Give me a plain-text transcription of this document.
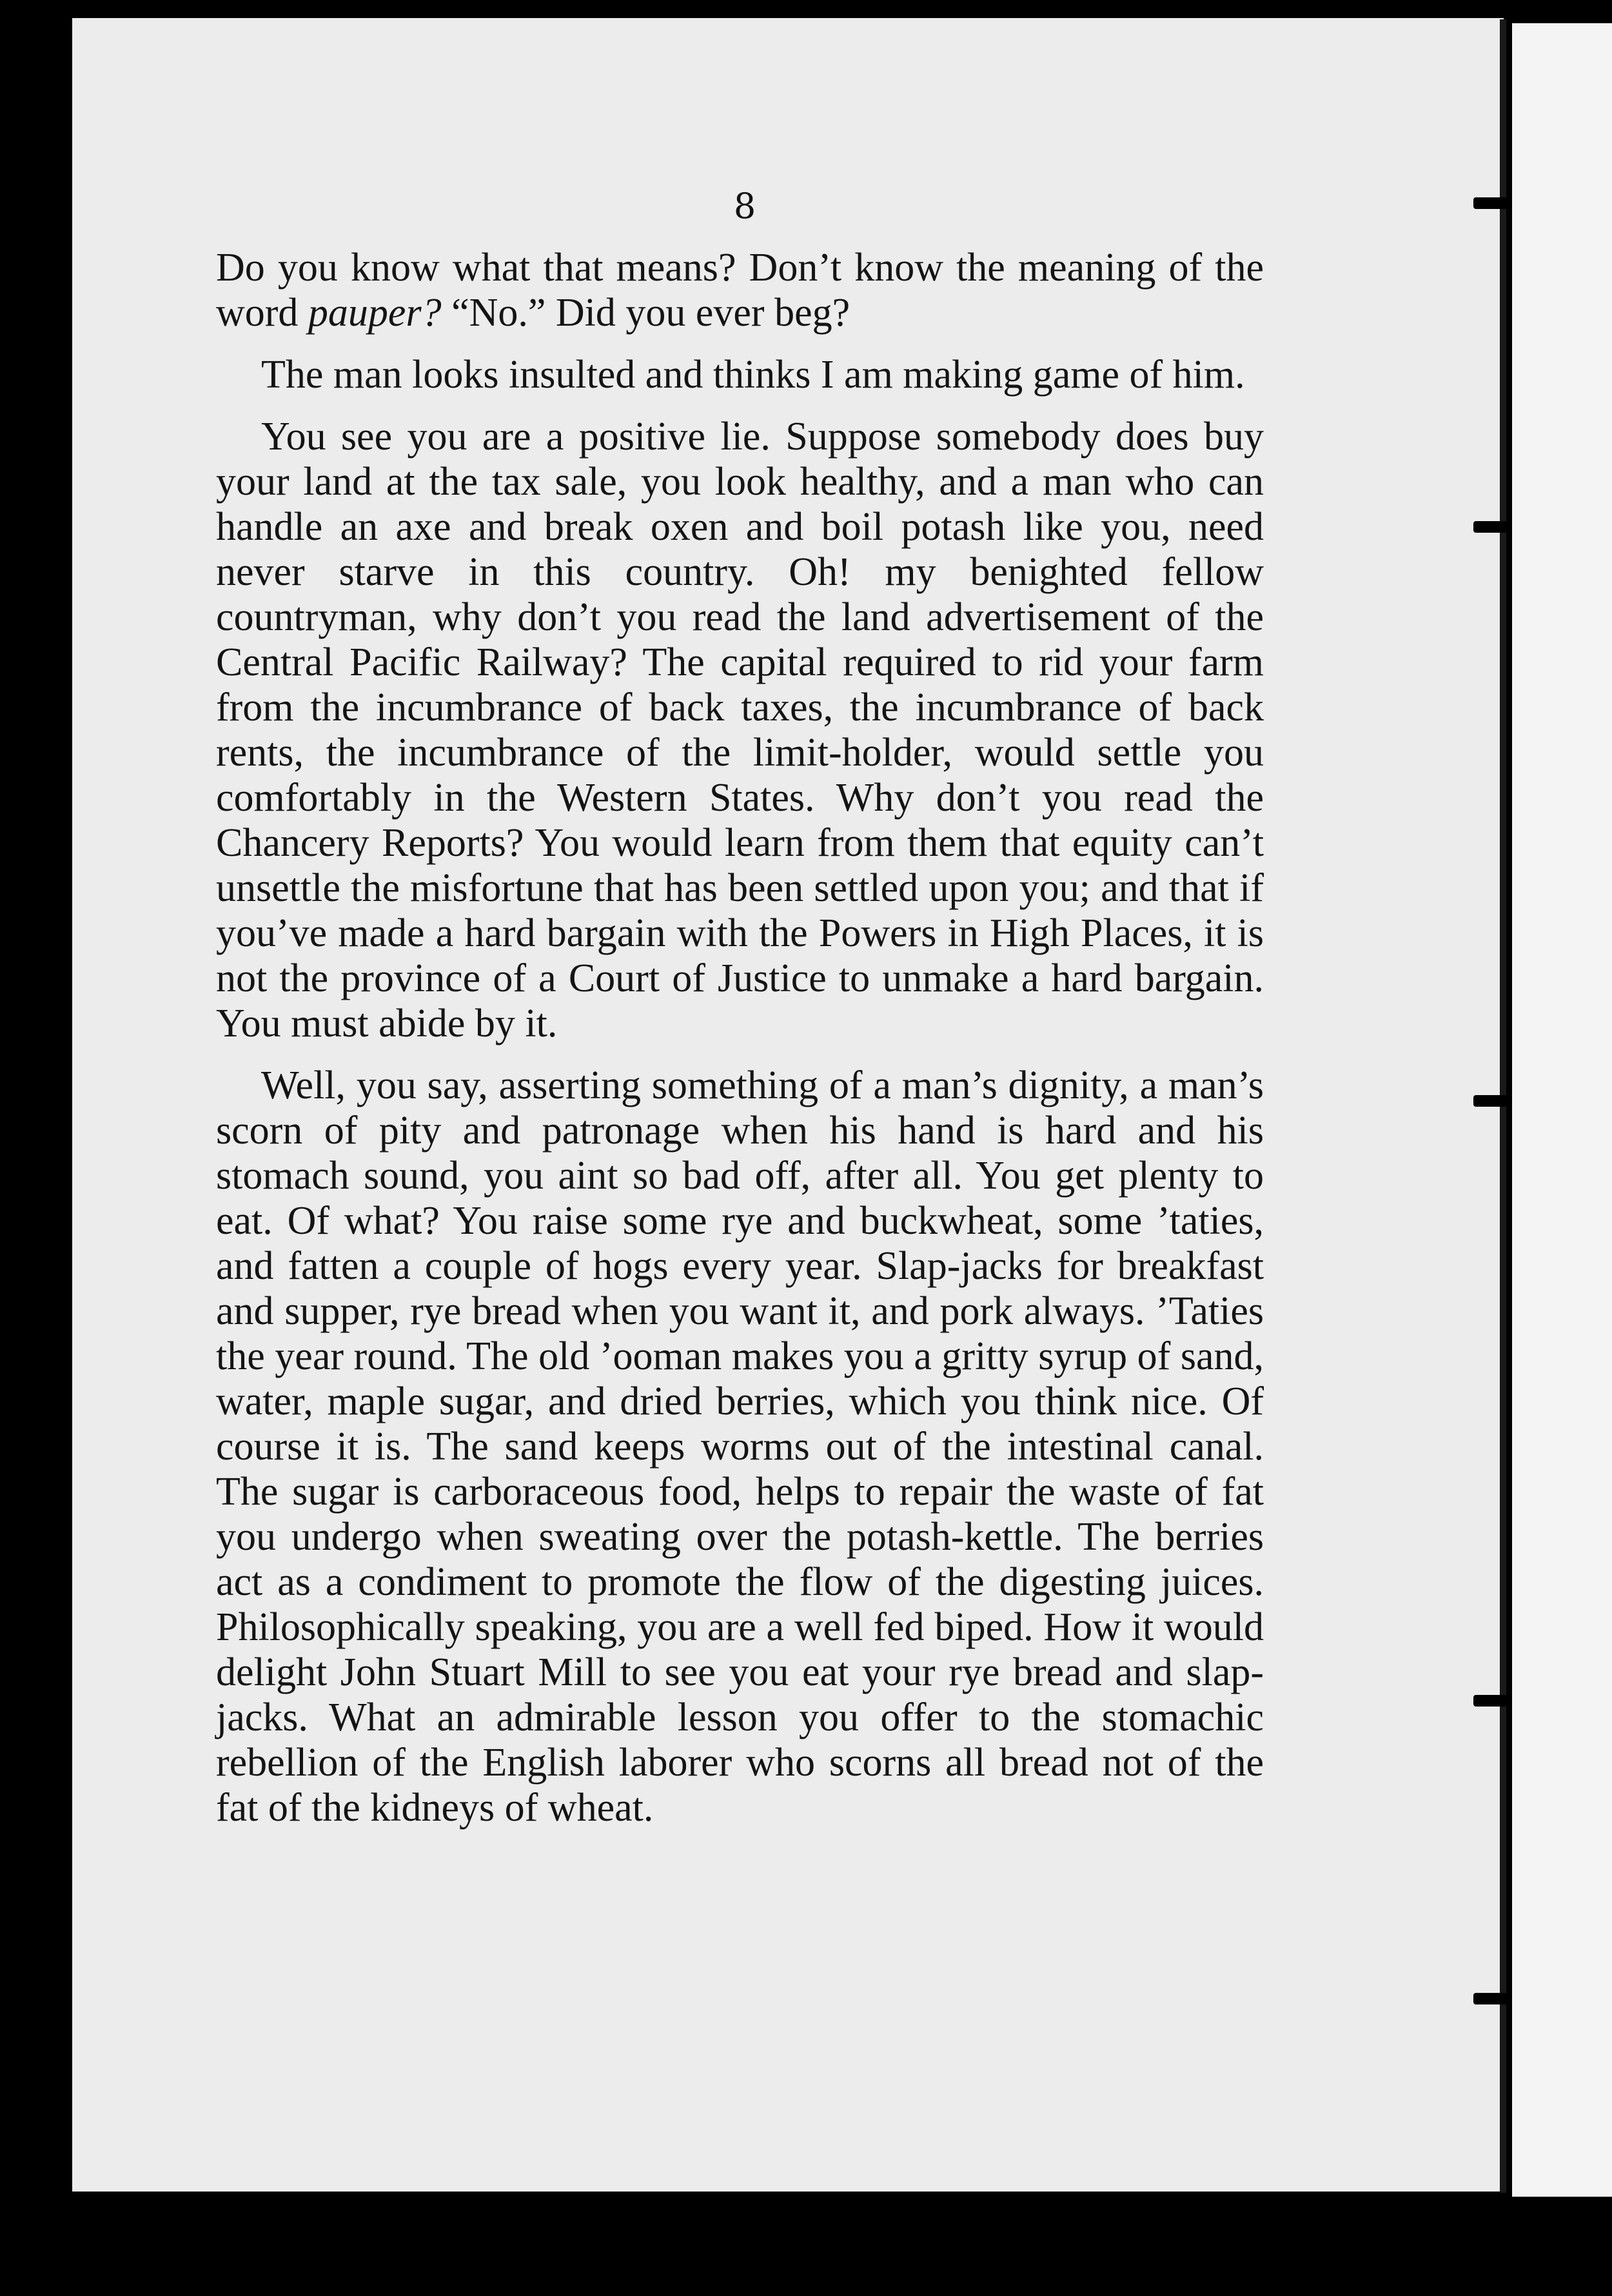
8

Do you know what that means? Don’t know the meaning of the word pauper? “No.” Did you ever beg?

The man looks insulted and thinks I am making game of him.

You see you are a positive lie. Suppose somebody does buy your land at the tax sale, you look healthy, and a man who can handle an axe and break oxen and boil potash like you, need never starve in this country. Oh! my benighted fellow countryman, why don’t you read the land advertisement of the Central Pacific Railway? The capital required to rid your farm from the incumbrance of back taxes, the incumbrance of back rents, the incumbrance of the limit-holder, would settle you comfortably in the Western States. Why don’t you read the Chancery Reports? You would learn from them that equity can’t unsettle the misfortune that has been settled upon you; and that if you’ve made a hard bargain with the Powers in High Places, it is not the province of a Court of Justice to unmake a hard bargain. You must abide by it.

Well, you say, asserting something of a man’s dignity, a man’s scorn of pity and patronage when his hand is hard and his stomach sound, you aint so bad off, after all. You get plenty to eat. Of what? You raise some rye and buckwheat, some ’taties, and fatten a couple of hogs every year. Slap-jacks for breakfast and supper, rye bread when you want it, and pork always. ’Taties the year round. The old ’ooman makes you a gritty syrup of sand, water, maple sugar, and dried berries, which you think nice. Of course it is. The sand keeps worms out of the intestinal canal. The sugar is carboraceous food, helps to repair the waste of fat you undergo when sweating over the potash-kettle. The berries act as a condiment to promote the flow of the digesting juices. Philosophically speaking, you are a well fed biped. How it would delight John Stuart Mill to see you eat your rye bread and slap-jacks. What an admirable lesson you offer to the stomachic rebellion of the English laborer who scorns all bread not of the fat of the kidneys of wheat.
